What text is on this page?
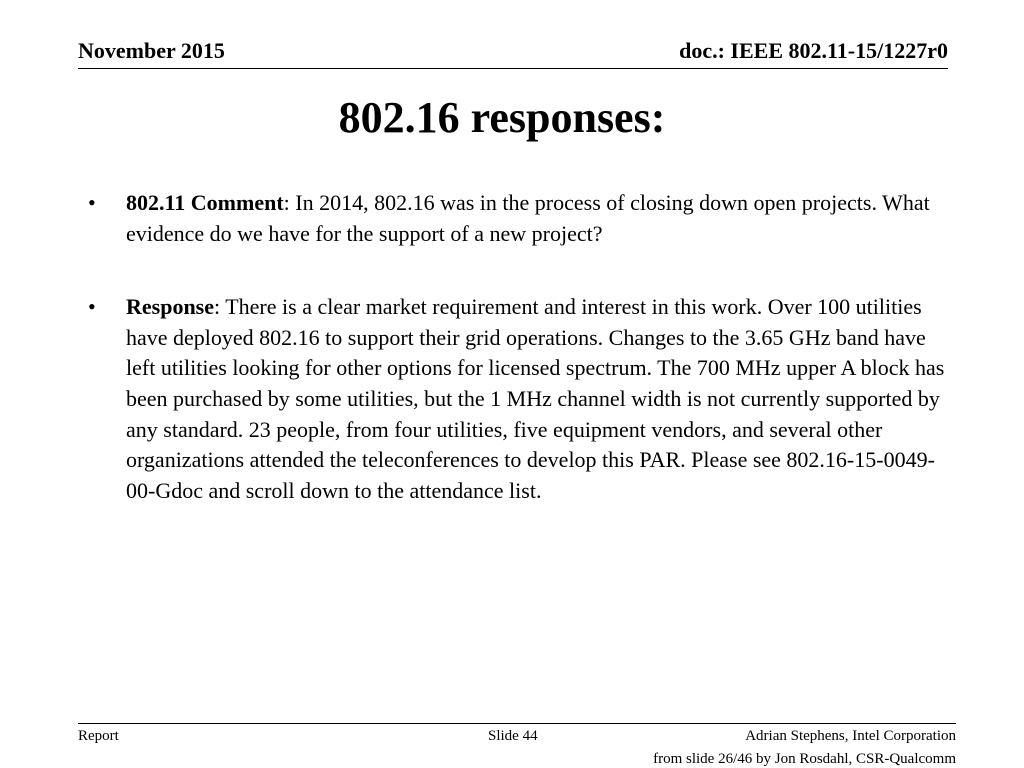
November 2015	doc.: IEEE 802.11-15/1227r0
802.16 responses:
• 802.11 Comment: In 2014, 802.16 was in the process of closing down open projects. What evidence do we have for the support of a new project?
• Response: There is a clear market requirement and interest in this work. Over 100 utilities have deployed 802.16 to support their grid operations. Changes to the 3.65 GHz band have left utilities looking for other options for licensed spectrum. The 700 MHz upper A block has been purchased by some utilities, but the 1 MHz channel width is not currently supported by any standard. 23 people, from four utilities, five equipment vendors, and several other organizations attended the teleconferences to develop this PAR. Please see 802.16-15-0049-00-Gdoc and scroll down to the attendance list.
Report	Slide 44	Adrian Stephens, Intel Corporation
from slide 26/46 by Jon Rosdahl, CSR-Qualcomm
